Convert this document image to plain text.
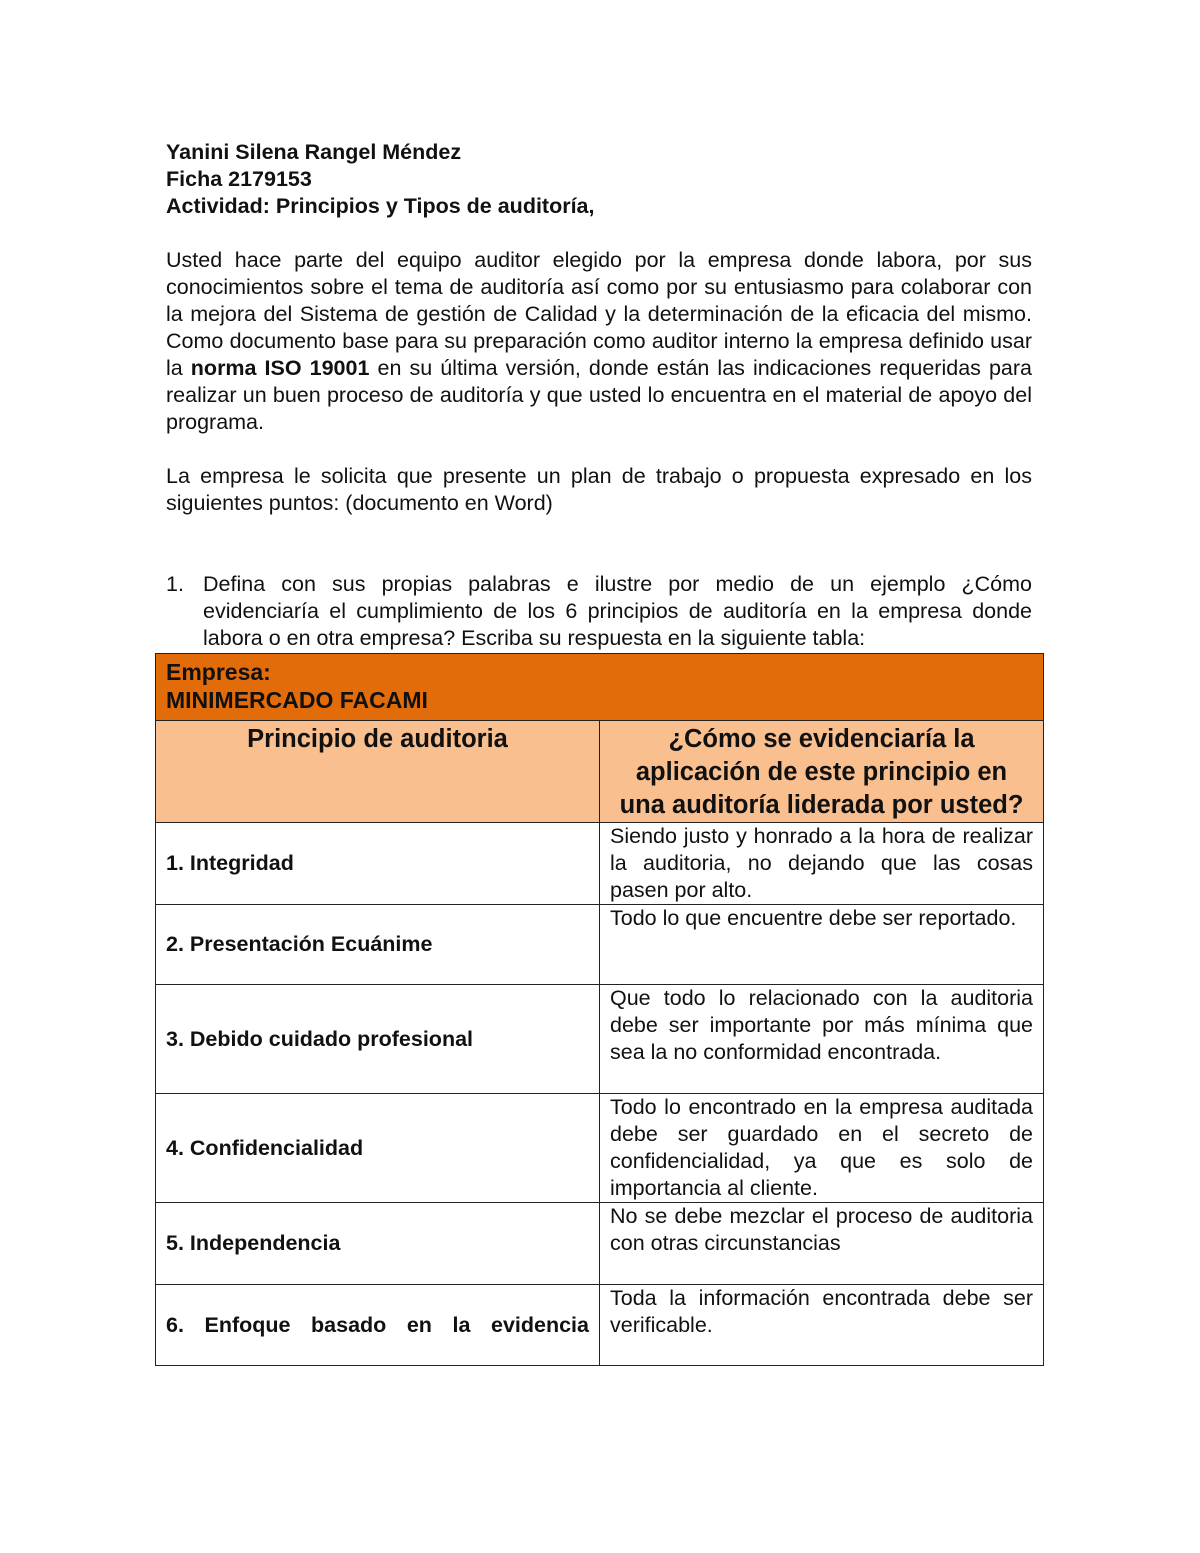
Yanini Silena Rangel Méndez

Ficha 2179153

Actividad: Principios y Tipos de auditoría,

Usted hace parte del equipo auditor elegido por la empresa donde labora, por sus conocimientos sobre el tema de auditoría así como por su entusiasmo para colaborar con la mejora del Sistema de gestión de Calidad y la determinación de la eficacia del mismo. Como documento base para su preparación como auditor interno la empresa definido usar la norma ISO 19001 en su última versión, donde están las indicaciones requeridas para realizar un buen proceso de auditoría y que usted lo encuentra en el material de apoyo del programa.

La empresa le solicita que presente un plan de trabajo o propuesta expresado en los siguientes puntos: (documento en Word)

1. Defina con sus propias palabras e ilustre por medio de un ejemplo ¿Cómo evidenciaría el cumplimiento de los 6 principios de auditoría en la empresa donde labora o en otra empresa? Escriba su respuesta en la siguiente tabla:
Empresa:
MINIMERCADO FACAMI	

Principio de auditoria	¿Cómo se evidenciaría la aplicación de este principio en una auditoría liderada por usted?
1. Integridad	Siendo justo y honrado a la hora de realizar la auditoria, no dejando que las cosas pasen por alto.
2. Presentación Ecuánime	Todo lo que encuentre debe ser reportado.
3. Debido cuidado profesional	Que todo lo relacionado con la auditoria debe ser importante por más mínima que sea la no conformidad encontrada.
4. Confidencialidad	Todo lo encontrado en la empresa auditada debe ser guardado en el secreto de confidencialidad, ya que es solo de importancia al cliente.
5. Independencia	No se debe mezclar el proceso de auditoria con otras circunstancias
6. Enfoque basado en la evidencia	Toda la información encontrada debe ser verificable.
